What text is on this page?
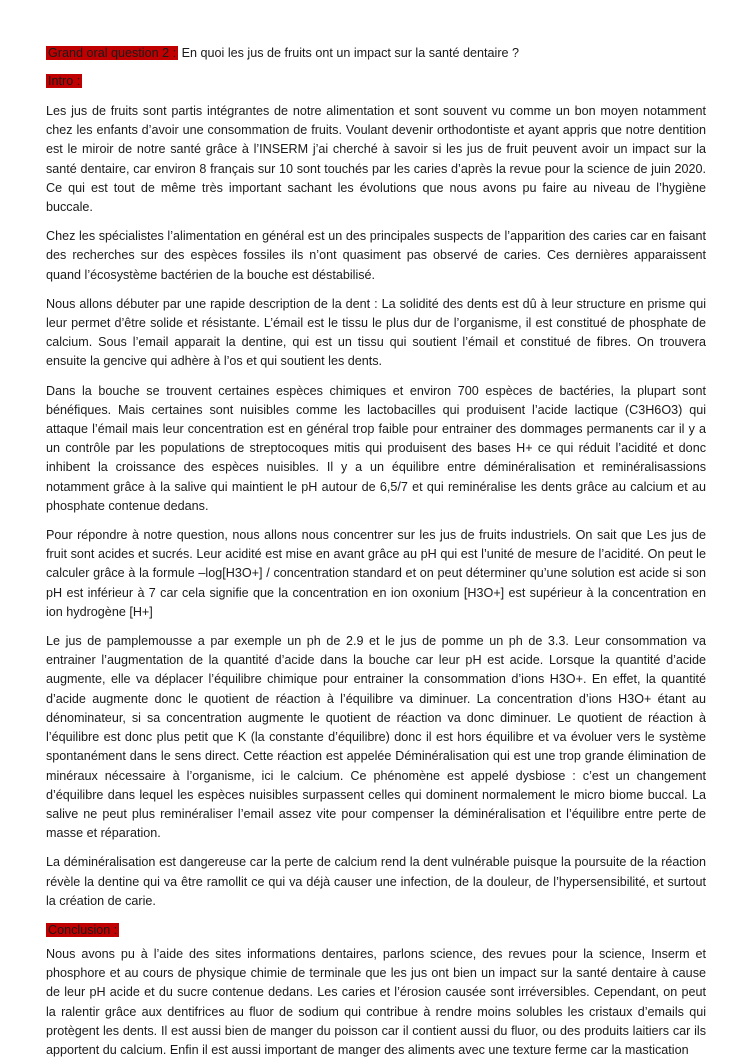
Grand oral question 2 : En quoi les jus de fruits ont un impact sur la santé dentaire ?

Intro :

Les jus de fruits sont partis intégrantes de notre alimentation et sont souvent vu comme un bon moyen notamment chez les enfants d’avoir une consommation de fruits. Voulant devenir orthodontiste et ayant appris que notre dentition est le miroir de notre santé grâce à l’INSERM j’ai cherché à savoir si les jus de fruit peuvent avoir un impact sur la santé dentaire, car environ 8 français sur 10 sont touchés par les caries d’après la revue pour la science de juin 2020. Ce qui est tout de même très important sachant les évolutions que nous avons pu faire au niveau de l’hygiène buccale.

Chez les spécialistes l’alimentation en général est un des principales suspects de l’apparition des caries car en faisant des recherches sur des espèces fossiles ils n’ont quasiment pas observé de caries. Ces dernières apparaissent quand l’écosystème bactérien de la bouche est déstabilisé.

Nous allons débuter par une rapide description de la dent : La solidité des dents est dû à leur structure en prisme qui leur permet d’être solide et résistante. L’émail est le tissu le plus dur de l’organisme, il est constitué de phosphate de calcium. Sous l’email apparait la dentine, qui est un tissu qui soutient l’émail et constitué de fibres. On trouvera ensuite la gencive qui adhère à l’os et qui soutient les dents.

Dans la bouche se trouvent certaines espèces chimiques et environ 700 espèces de bactéries, la plupart sont bénéfiques. Mais certaines sont nuisibles comme les lactobacilles qui produisent l’acide lactique (C3H6O3) qui attaque l’émail mais leur concentration est en général trop faible pour entrainer des dommages permanents car il y a un contrôle par les populations de streptocoques mitis qui produisent des bases H+ ce qui réduit l’acidité et donc inhibent la croissance des espèces nuisibles. Il y a un équilibre entre déminéralisation et reminéralisassions notamment grâce à la salive qui maintient le pH autour de 6,5/7 et qui reminéralise les dents grâce au calcium et au phosphate contenue dedans.

Pour répondre à notre question, nous allons nous concentrer sur les jus de fruits industriels. On sait que Les jus de fruit sont acides et sucrés. Leur acidité est mise en avant grâce au pH qui est l’unité de mesure de l’acidité. On peut le calculer grâce à la formule –log[H3O+] / concentration standard et on peut déterminer qu’une solution est acide si son pH est inférieur à 7 car cela signifie que la concentration en ion oxonium [H3O+] est supérieur à la concentration en ion hydrogène [H+]

Le jus de pamplemousse a par exemple un ph de 2.9 et le jus de pomme un ph de 3.3. Leur consommation va entrainer l’augmentation de la quantité d’acide dans la bouche car leur pH est acide. Lorsque la quantité d’acide augmente, elle va déplacer l’équilibre chimique pour entrainer la consommation d’ions H3O+. En effet, la quantité d’acide augmente donc le quotient de réaction à l’équilibre va diminuer. La concentration d’ions H3O+ étant au dénominateur, si sa concentration augmente le quotient de réaction va donc diminuer. Le quotient de réaction à l’équilibre est donc plus petit que K (la constante d’équilibre) donc il est hors équilibre et va évoluer vers le système spontanément dans le sens direct. Cette réaction est appelée Déminéralisation qui est une trop grande élimination de minéraux nécessaire à l’organisme, ici le calcium. Ce phénomène est appelé dysbiose : c’est un changement d’équilibre dans lequel les espèces nuisibles surpassent celles qui dominent normalement le micro biome buccal. La salive ne peut plus reminéraliser l’email assez vite pour compenser la déminéralisation et l’équilibre entre perte de masse et réparation.

La déminéralisation est dangereuse car la perte de calcium rend la dent vulnérable puisque la poursuite de la réaction révèle la dentine qui va être ramollit ce qui va déjà causer une infection, de la douleur, de l’hypersensibilité, et surtout la création de carie.

Conclusion :

Nous avons pu à l’aide des sites informations dentaires, parlons science, des revues pour la science, Inserm et phosphore et au cours de physique chimie de terminale que les jus ont bien un impact sur la santé dentaire à cause de leur pH acide et du sucre contenue dedans. Les caries et l’érosion causée sont irréversibles. Cependant, on peut la ralentir grâce aux dentifrices au fluor de sodium qui contribue à rendre moins solubles les cristaux d’emails qui protègent les dents. Il est aussi bien de manger du poisson car il contient aussi du fluor, ou des produits laitiers car ils apportent du calcium. Enfin il est aussi important de manger des aliments avec une texture ferme car la mastication
